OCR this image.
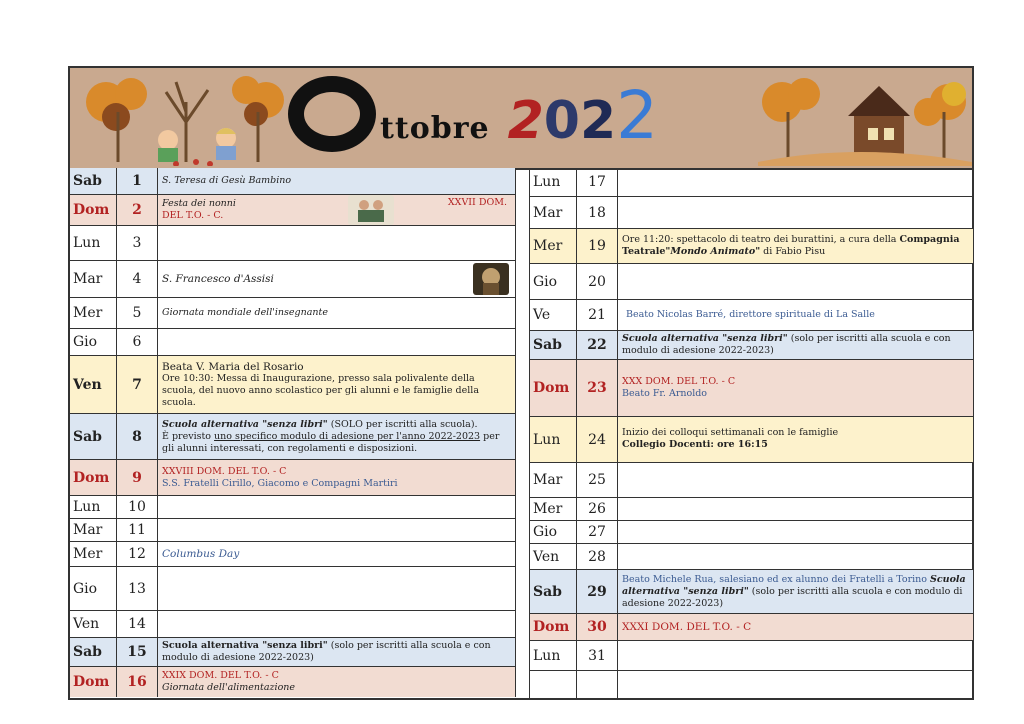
ttobre 2022
Sab	1	S. Teresa di Gesù Bambino
Dom	2	Festa dei nonni
DEL T.O. - C.
XXVII DOM.
Lun	3
Mar	4	S. Francesco d'Assisi
Mer	5	Giornata mondiale dell'insegnante
Gio	6
Ven	7
Beata V. Maria del Rosario
Ore 10:30: Messa di Inaugurazione, presso sala polivalente della scuola, del nuovo anno scolastico per gli alunni e le famiglie della scuola.
Sab	8
Scuola alternativa "senza libri" (SOLO per iscritti alla scuola).
È previsto uno specifico modulo di adesione per l'anno 2022-2023 per gli alunni interessati, con regolamenti e disposizioni.
Dom	9	XXVIII DOM. DEL T.O. - C
S.S. Fratelli Cirillo, Giacomo e Compagni Martiri
Lun	10
Mar	11
Mer	12	Columbus Day
Gio	13
Ven	14
Sab	15	Scuola alternativa "senza libri" (solo per iscritti alla scuola e con modulo di adesione 2022-2023)
Dom	16	XXIX DOM. DEL T.O. - C
Giornata dell'alimentazione
Lun	17
Mar	18
Mer	19	Ore 11:20: spettacolo di teatro dei burattini, a cura della Compagnia Teatrale"Mondo Animato" di Fabio Pisu
Gio	20
Ve	21	Beato Nicolas Barré, direttore spirituale di La Salle
Sab	22	Scuola alternativa "senza libri" (solo per iscritti alla scuola e con modulo di adesione 2022-2023)
Dom	23	XXX DOM. DEL T.O. - C
Beato Fr. Arnoldo
Lun	24	Inizio dei colloqui settimanali con le famiglie
Collegio Docenti: ore 16:15
Mar	25
Mer	26
Gio	27
Ven	28
Sab	29
Beato Michele Rua, salesiano ed ex alunno dei Fratelli a Torino Scuola alternativa "senza libri" (solo per iscritti alla scuola e con modulo di adesione 2022-2023)
Dom	30	XXXI DOM. DEL T.O. - C
Lun	31
